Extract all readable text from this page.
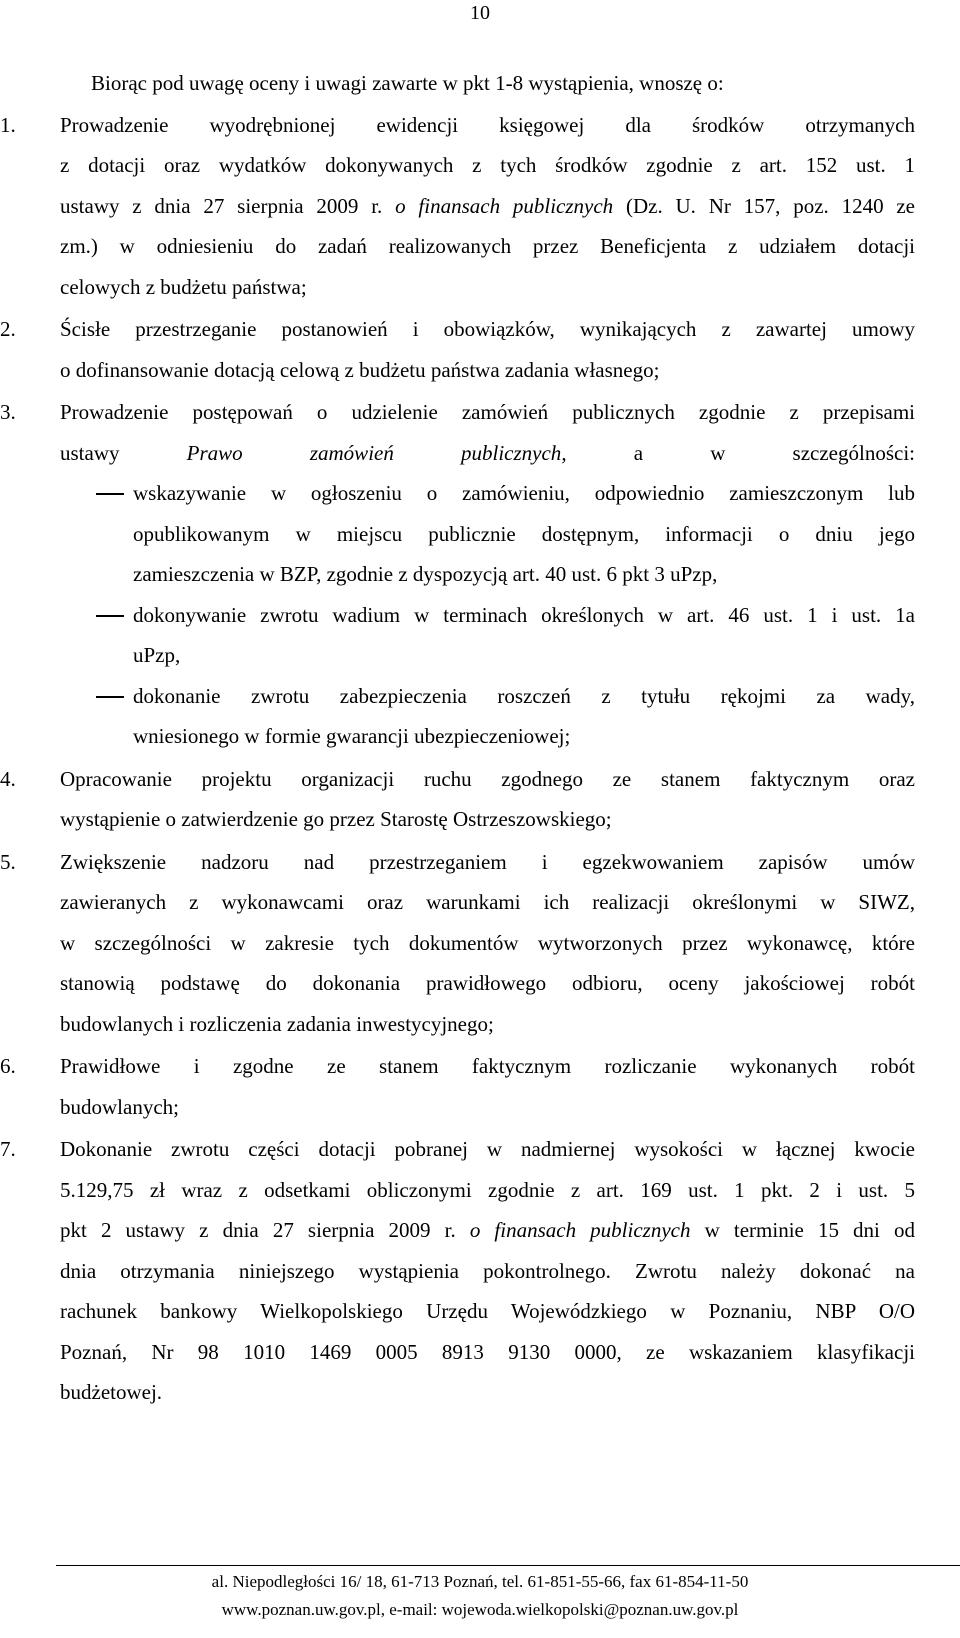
10
Biorąc pod uwagę oceny i uwagi zawarte w pkt 1-8 wystąpienia, wnoszę o:
1. Prowadzenie wyodrębnionej ewidencji księgowej dla środków otrzymanych
z dotacji oraz wydatków dokonywanych z tych środków zgodnie z art. 152 ust. 1
ustawy z dnia 27 sierpnia 2009 r. o finansach publicznych (Dz. U. Nr 157, poz. 1240 ze
zm.) w odniesieniu do zadań realizowanych przez Beneficjenta z udziałem dotacji
celowych z budżetu państwa;
2. Ścisłe przestrzeganie postanowień i obowiązków, wynikających z zawartej umowy
o dofinansowanie dotacją celową z budżetu państwa zadania własnego;
3. Prowadzenie postępowań o udzielenie zamówień publicznych zgodnie z przepisami
ustawy Prawo zamówień publicznych, a w szczególności:
wskazywanie w ogłoszeniu o zamówieniu, odpowiednio zamieszczonym lub
opublikowanym w miejscu publicznie dostępnym, informacji o dniu jego
zamieszczenia w BZP, zgodnie z dyspozycją art. 40 ust. 6 pkt 3 uPzp,
dokonywanie zwrotu wadium w terminach określonych w art. 46 ust. 1 i ust. 1a
uPzp,
dokonanie zwrotu zabezpieczenia roszczeń z tytułu rękojmi za wady,
wniesionego w formie gwarancji ubezpieczeniowej;
4. Opracowanie projektu organizacji ruchu zgodnego ze stanem faktycznym oraz
wystąpienie o zatwierdzenie go przez Starostę Ostrzeszowskiego;
5. Zwiększenie nadzoru nad przestrzeganiem i egzekwowaniem zapisów umów
zawieranych z wykonawcami oraz warunkami ich realizacji określonymi w SIWZ,
w szczególności w zakresie tych dokumentów wytworzonych przez wykonawcę, które
stanowią podstawę do dokonania prawidłowego odbioru, oceny jakościowej robót
budowlanych i rozliczenia zadania inwestycyjnego;
6. Prawidłowe i zgodne ze stanem faktycznym rozliczanie wykonanych robót
budowlanych;
7. Dokonanie zwrotu części dotacji pobranej w nadmiernej wysokości w łącznej kwocie
5.129,75 zł wraz z odsetkami obliczonymi zgodnie z art. 169 ust. 1 pkt. 2 i ust. 5
pkt 2 ustawy z dnia 27 sierpnia 2009 r. o finansach publicznych w terminie 15 dni od
dnia otrzymania niniejszego wystąpienia pokontrolnego. Zwrotu należy dokonać na
rachunek bankowy Wielkopolskiego Urzędu Wojewódzkiego w Poznaniu, NBP O/O
Poznań, Nr 98 1010 1469 0005 8913 9130 0000, ze wskazaniem klasyfikacji
budżetowej.
al. Niepodległości 16/ 18, 61-713 Poznań, tel. 61-851-55-66, fax 61-854-11-50
www.poznan.uw.gov.pl, e-mail: wojewoda.wielkopolski@poznan.uw.gov.pl
